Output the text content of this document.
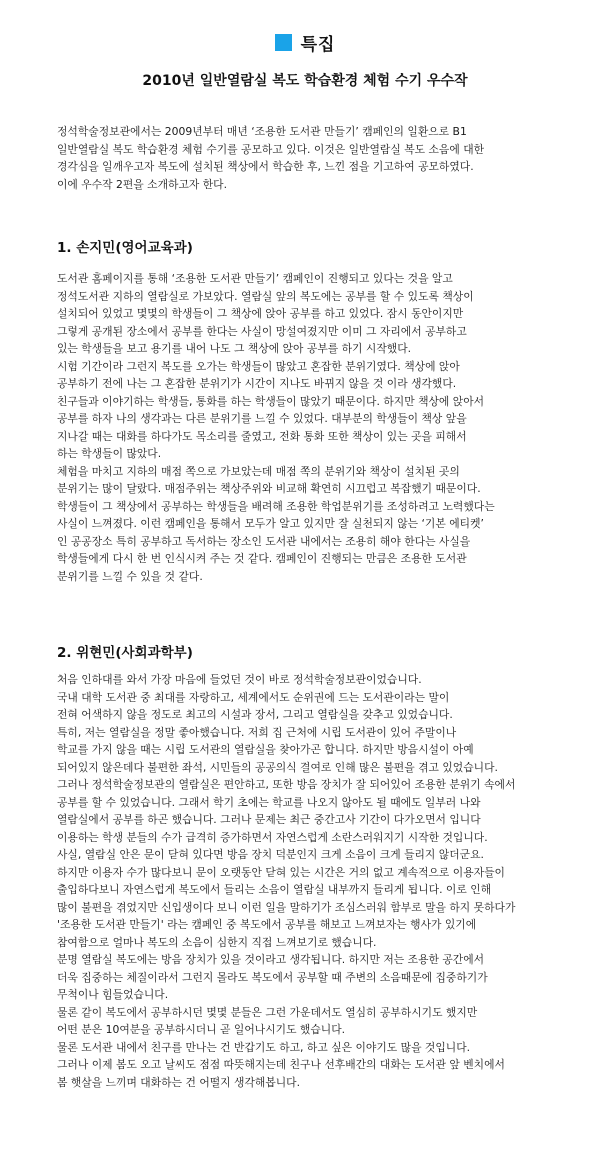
특집
2010년 일반열람실 복도 학습환경 체험 수기 우수작

정석학술정보관에서는 2009년부터 매년 ‘조용한 도서관 만들기’ 캠페인의 일환으로 B1

일반열람실 복도 학습환경 체험 수기를 공모하고 있다. 이것은 일반열람실 복도 소음에 대한

경각심을 일깨우고자 복도에 설치된 책상에서 학습한 후, 느낀 점을 기고하여 공모하였다.

이에 우수작 2편을 소개하고자 한다.

1. 손지민(영어교육과)

도서관 홈페이지를 통해 ‘조용한 도서관 만들기’ 캠페인이 진행되고 있다는 것을 알고

정석도서관 지하의 열람실로 가보았다. 열람실 앞의 복도에는 공부를 할 수 있도록 책상이

설치되어 있었고 몇몇의 학생들이 그 책상에 앉아 공부를 하고 있었다. 잠시 동안이지만

그렇게 공개된 장소에서 공부를 한다는 사실이 망설여졌지만 이미 그 자리에서 공부하고

있는 학생들을 보고 용기를 내어 나도 그 책상에 앉아 공부를 하기 시작했다.

시험 기간이라 그런지 복도를 오가는 학생들이 많았고 혼잡한 분위기였다. 책상에 앉아

공부하기 전에 나는 그 혼잡한 분위기가 시간이 지나도 바뀌지 않을 것 이라 생각했다.

친구들과 이야기하는 학생들, 통화를 하는 학생들이 많았기 때문이다. 하지만 책상에 앉아서

공부를 하자 나의 생각과는 다른 분위기를 느낄 수 있었다. 대부분의 학생들이 책상 앞을

지나갈 때는 대화를 하다가도 목소리를 줄였고, 전화 통화 또한 책상이 있는 곳을 피해서

하는 학생들이 많았다.

체험을 마치고 지하의 매점 쪽으로 가보았는데 매점 쪽의 분위기와 책상이 설치된 곳의

분위기는 많이 달랐다. 매점주위는 책상주위와 비교해 확연히 시끄럽고 복잡했기 때문이다.

학생들이 그 책상에서 공부하는 학생들을 배려해 조용한 학업분위기를 조성하려고 노력했다는

사실이 느껴졌다. 이런 캠페인을 통해서 모두가 알고 있지만 잘 실천되지 않는 ‘기본 에티켓’

인 공공장소 특히 공부하고 독서하는 장소인 도서관 내에서는 조용히 해야 한다는 사실을

학생들에게 다시 한 번 인식시켜 주는 것 같다. 캠페인이 진행되는 만큼은 조용한 도서관

분위기를 느낄 수 있을 것 같다.

2. 위현민(사회과학부)

처음 인하대를 와서 가장 마음에 들었던 것이 바로 정석학술정보관이었습니다.

국내 대학 도서관 중 최대를 자랑하고, 세계에서도 순위권에 드는 도서관이라는 말이

전혀 어색하지 않을 정도로 최고의 시설과 장서, 그리고 열람실을 갖추고 있었습니다.

특히, 저는 열람실을 정말 좋아했습니다. 저희 집 근처에 시립 도서관이 있어 주말이나

학교를 가지 않을 때는 시립 도서관의 열람실을 찾아가곤 합니다. 하지만 방음시설이 아예

되어있지 않은데다 불편한 좌석, 시민들의 공공의식 결여로 인해 많은 불편을 겪고 있었습니다.

그러나 정석학술정보관의 열람실은 편안하고, 또한 방음 장치가 잘 되어있어 조용한 분위기 속에서

공부를 할 수 있었습니다. 그래서 학기 초에는 학교를 나오지 않아도 될 때에도 일부러 나와

열람실에서 공부를 하곤 했습니다. 그러나 문제는 최근 중간고사 기간이 다가오면서 입니다

이용하는 학생 분들의 수가 급격히 증가하면서 자연스럽게 소란스러워지기 시작한 것입니다.

사실, 열람실 안은 문이 닫혀 있다면 방음 장치 덕분인지 크게 소음이 크게 들리지 않더군요.

하지만 이용자 수가 많다보니 문이 오랫동안 닫혀 있는 시간은 거의 없고 계속적으로 이용자들이

출입하다보니 자연스럽게 복도에서 들리는 소음이 열람실 내부까지 들리게 됩니다. 이로 인해

많이 불편을 겪었지만 신입생이다 보니 이런 일을 말하기가 조심스러워 함부로 말을 하지 못하다가

'조용한 도서관 만들기' 라는 캠페인 중 복도에서 공부를 해보고 느껴보자는 행사가 있기에

참여함으로 얼마나 복도의 소음이 심한지 직접 느껴보기로 했습니다.

분명 열람실 복도에는 방음 장치가 있을 것이라고 생각됩니다. 하지만 저는 조용한 공간에서

더욱 집중하는 체질이라서 그런지 몰라도 복도에서 공부할 때 주변의 소음때문에 집중하기가

무척이나 힘들었습니다.

물론 같이 복도에서 공부하시던 몇몇 분들은 그런 가운데서도 열심히 공부하시기도 했지만

어떤 분은 10여분을 공부하시더니 곧 일어나시기도 했습니다.

물론 도서관 내에서 친구를 만나는 건 반갑기도 하고, 하고 싶은 이야기도 많을 것입니다.

그러나 이제 봄도 오고 날씨도 점점 따뜻해지는데 친구나 선후배간의 대화는 도서관 앞 벤치에서

봄 햇살을 느끼며 대화하는 건 어떨지 생각해봅니다.
